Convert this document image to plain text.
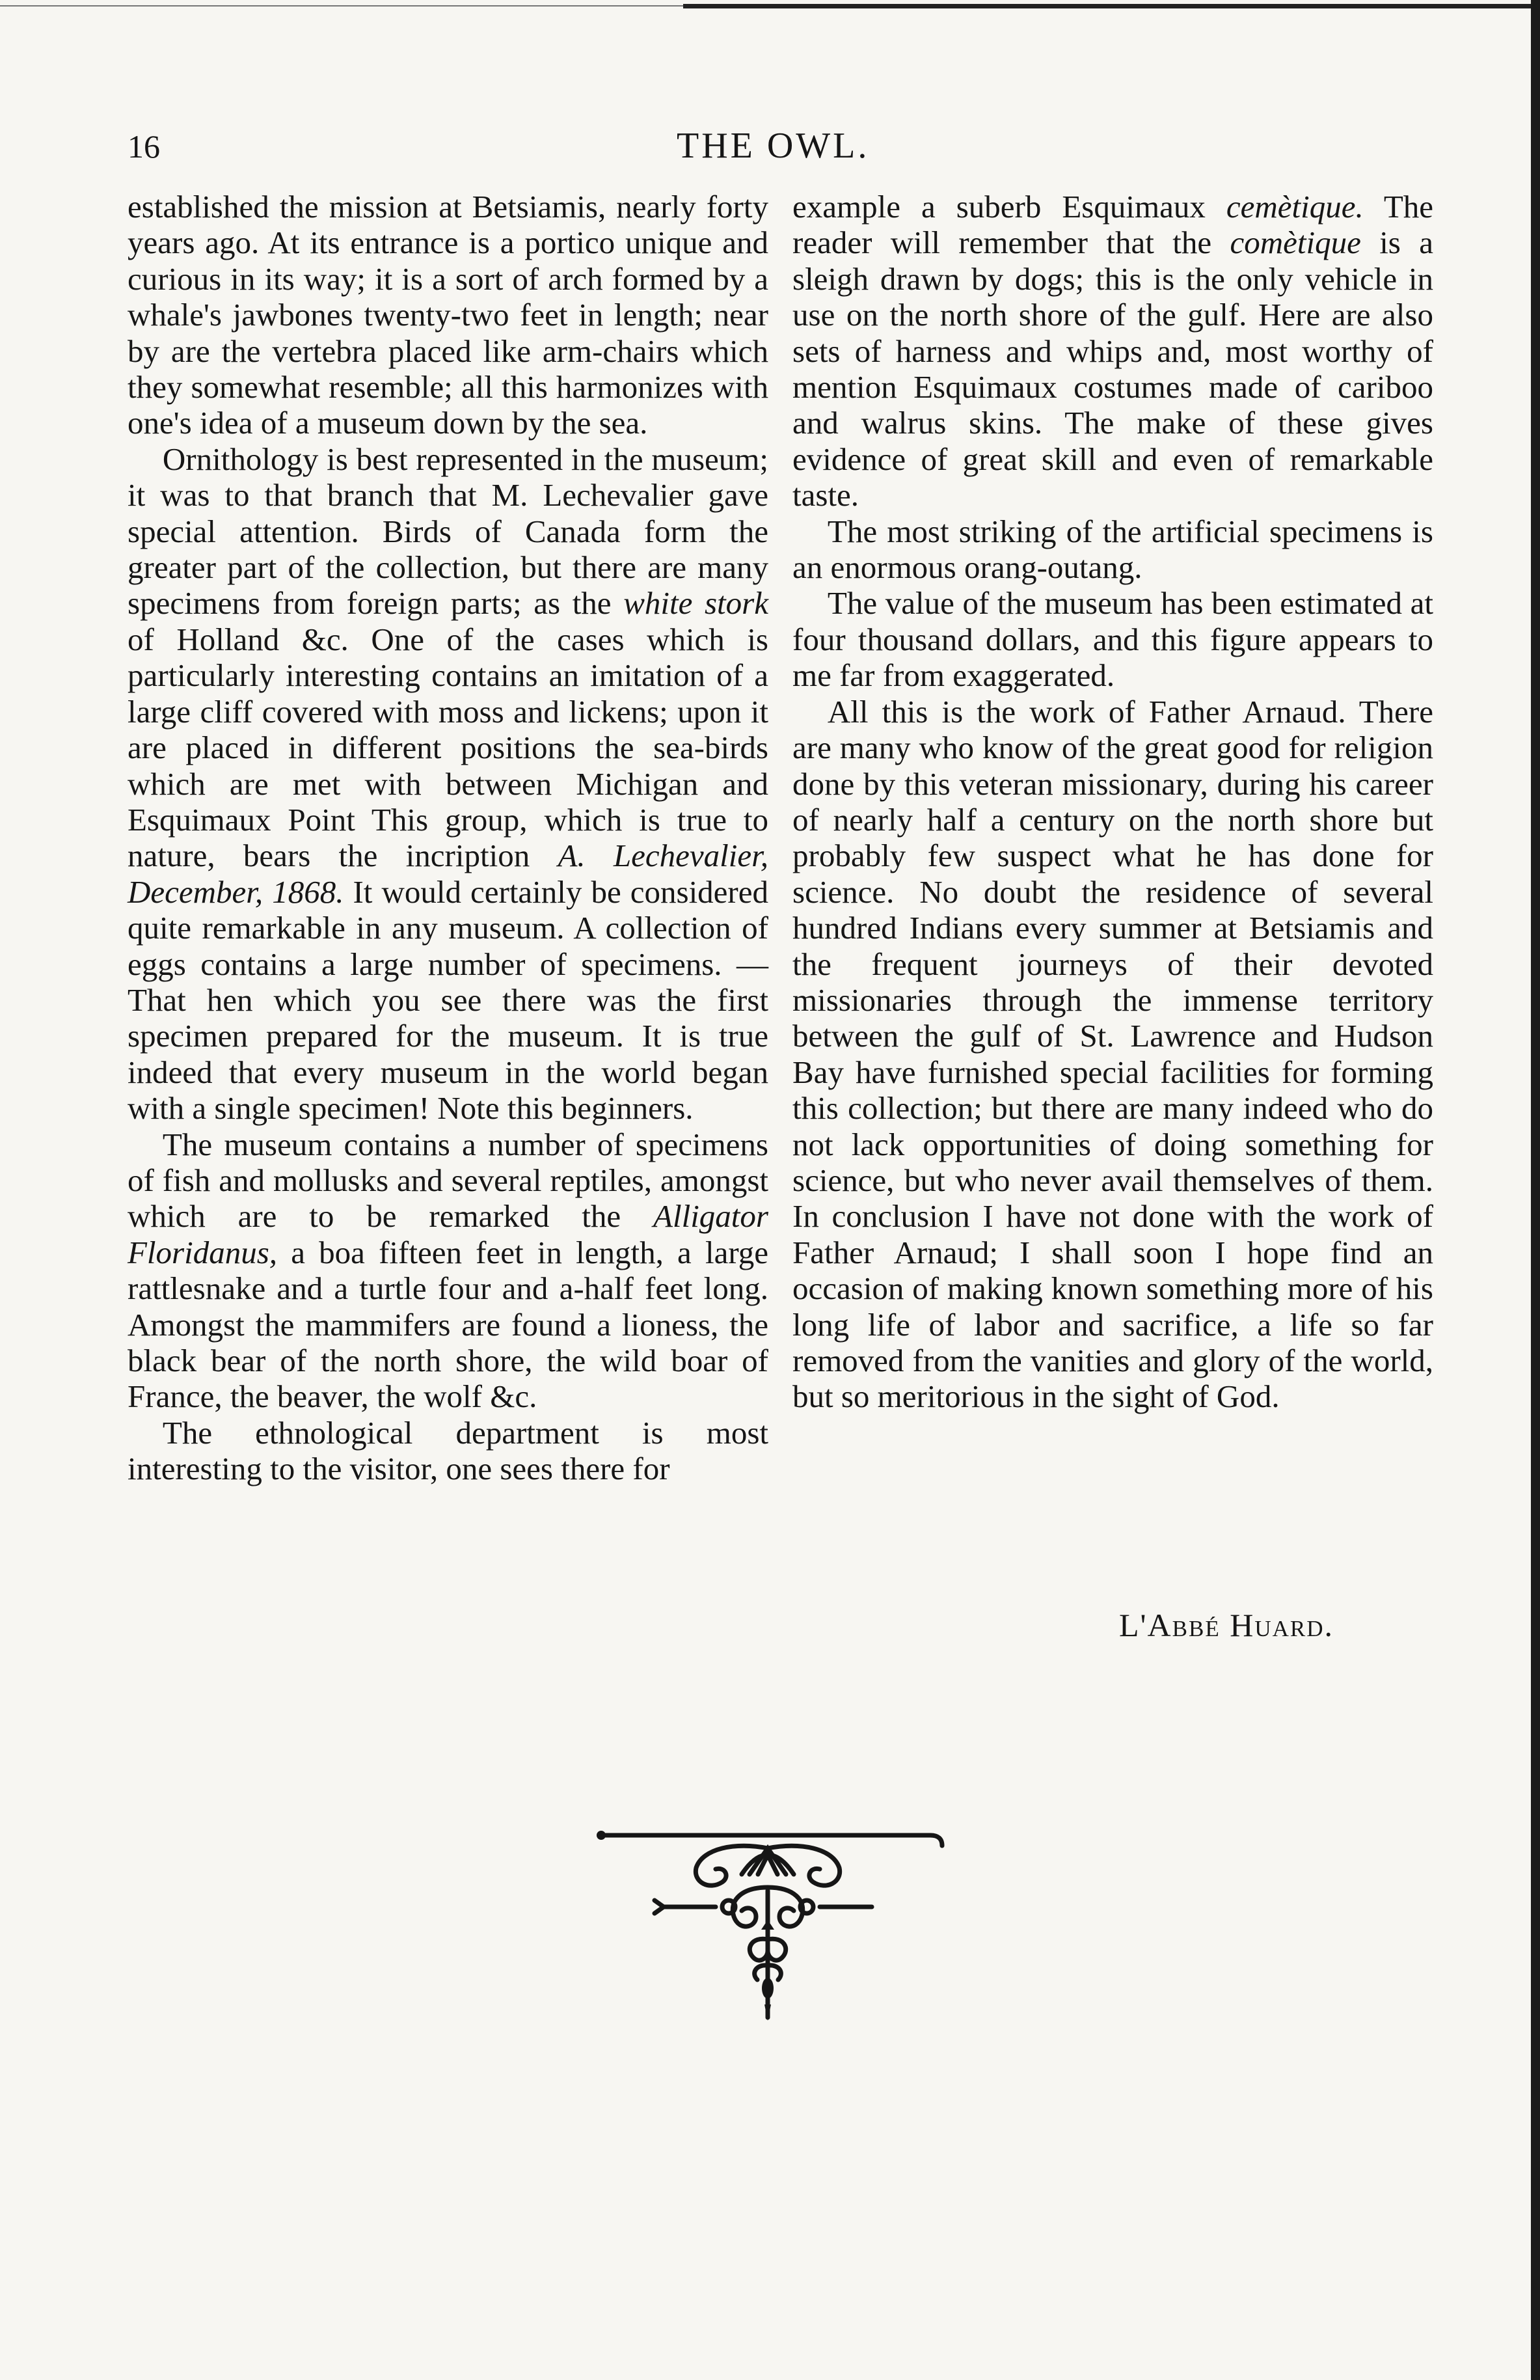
16	THE OWL.

established the mission at Betsiamis, nearly forty years ago. At its entrance is a portico unique and curious in its way; it is a sort of arch formed by a whale's jawbones twenty-two feet in length; near by are the vertebra placed like arm-chairs which they somewhat resemble; all this harmonizes with one's idea of a museum down by the sea.

Ornithology is best represented in the museum; it was to that branch that M. Lechevalier gave special attention. Birds of Canada form the greater part of the collection, but there are many specimens from foreign parts; as the white stork of Holland &c. One of the cases which is particularly interesting contains an imitation of a large cliff covered with moss and lickens; upon it are placed in different positions the sea-birds which are met with between Michigan and Esquimaux Point This group, which is true to nature, bears the incription A. Lechevalier, December, 1868. It would certainly be considered quite remarkable in any museum. A collection of eggs contains a large number of specimens. — That hen which you see there was the first specimen prepared for the museum. It is true indeed that every museum in the world began with a single specimen! Note this beginners.

The museum contains a number of specimens of fish and mollusks and several reptiles, amongst which are to be remarked the Alligator Floridanus, a boa fifteen feet in length, a large rattlesnake and a turtle four and a-half feet long. Amongst the mammifers are found a lioness, the black bear of the north shore, the wild boar of France, the beaver, the wolf &c.

The ethnological department is most interesting to the visitor, one sees there for

example a suberb Esquimaux cemètique. The reader will remember that the comètique is a sleigh drawn by dogs; this is the only vehicle in use on the north shore of the gulf. Here are also sets of harness and whips and, most worthy of mention Esquimaux costumes made of cariboo and walrus skins. The make of these gives evidence of great skill and even of remarkable taste.

The most striking of the artificial specimens is an enormous orang-outang.

The value of the museum has been estimated at four thousand dollars, and this figure appears to me far from exaggerated.

All this is the work of Father Arnaud. There are many who know of the great good for religion done by this veteran missionary, during his career of nearly half a century on the north shore but probably few suspect what he has done for science. No doubt the residence of several hundred Indians every summer at Betsiamis and the frequent journeys of their devoted missionaries through the immense territory between the gulf of St. Lawrence and Hudson Bay have furnished special facilities for forming this collection; but there are many indeed who do not lack opportunities of doing something for science, but who never avail themselves of them. In conclusion I have not done with the work of Father Arnaud; I shall soon I hope find an occasion of making known something more of his long life of labor and sacrifice, a life so far removed from the vanities and glory of the world, but so meritorious in the sight of God.

L'Abbé Huard.
